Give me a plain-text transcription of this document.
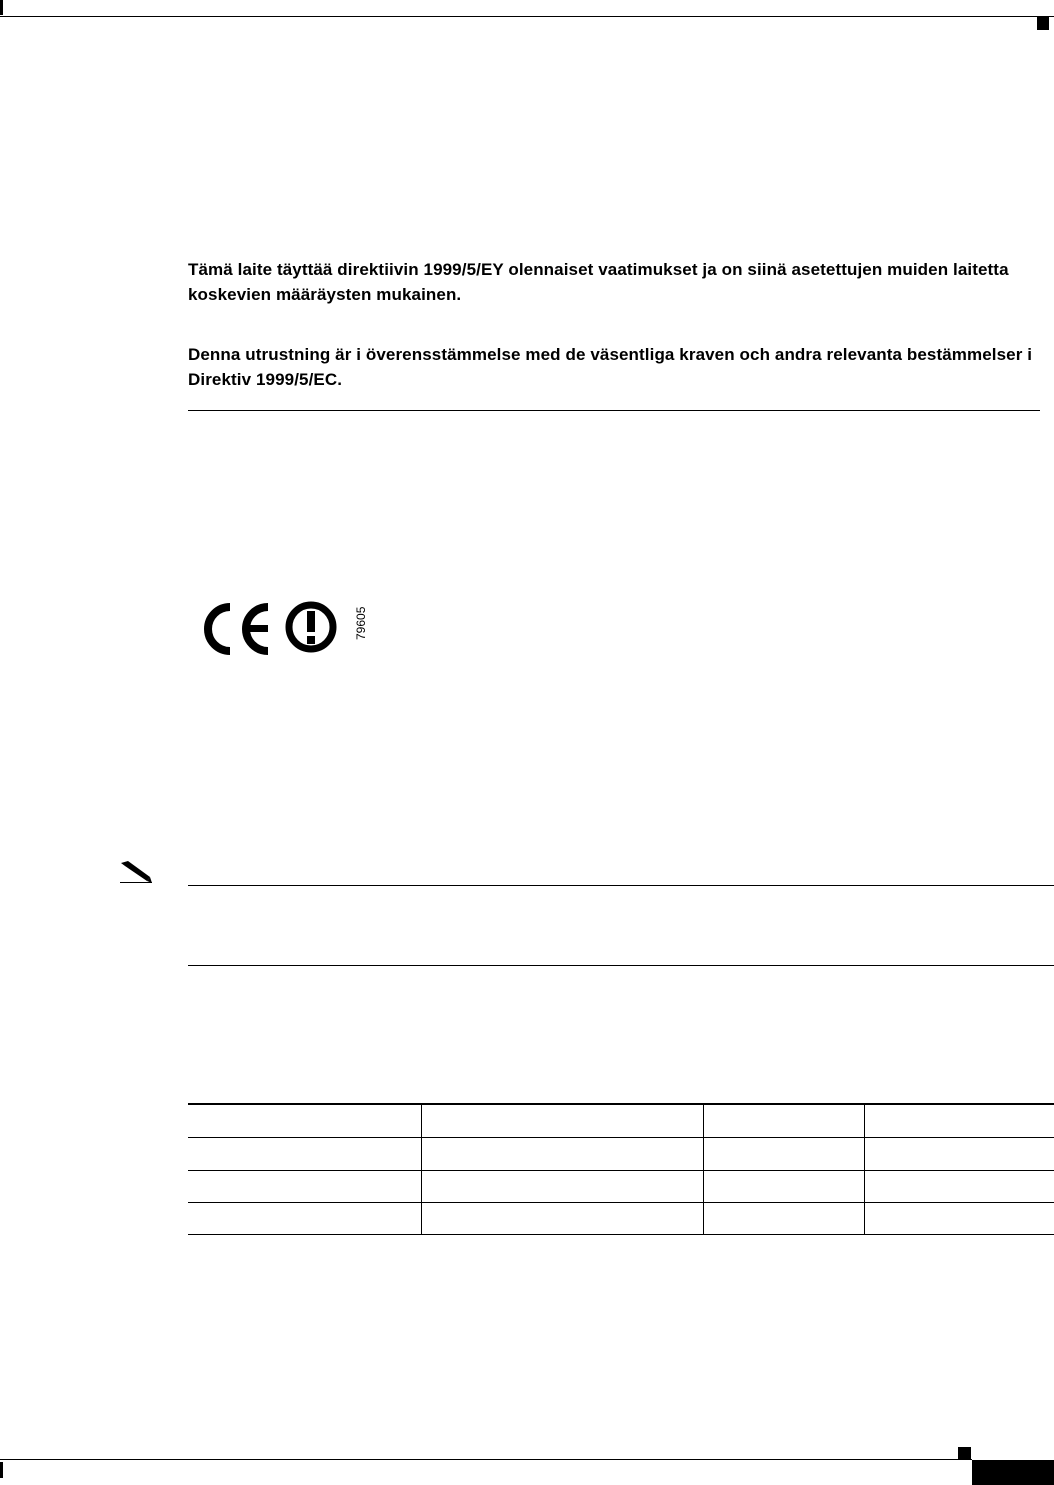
Tämä laite täyttää direktiivin 1999/5/EY olennaiset vaatimukset ja on siinä asetettujen muiden laitetta koskevien määräysten mukainen.
Denna utrustning är i överensstämmelse med de väsentliga kraven och andra relevanta bestämmelser i Direktiv 1999/5/EC.
79605
